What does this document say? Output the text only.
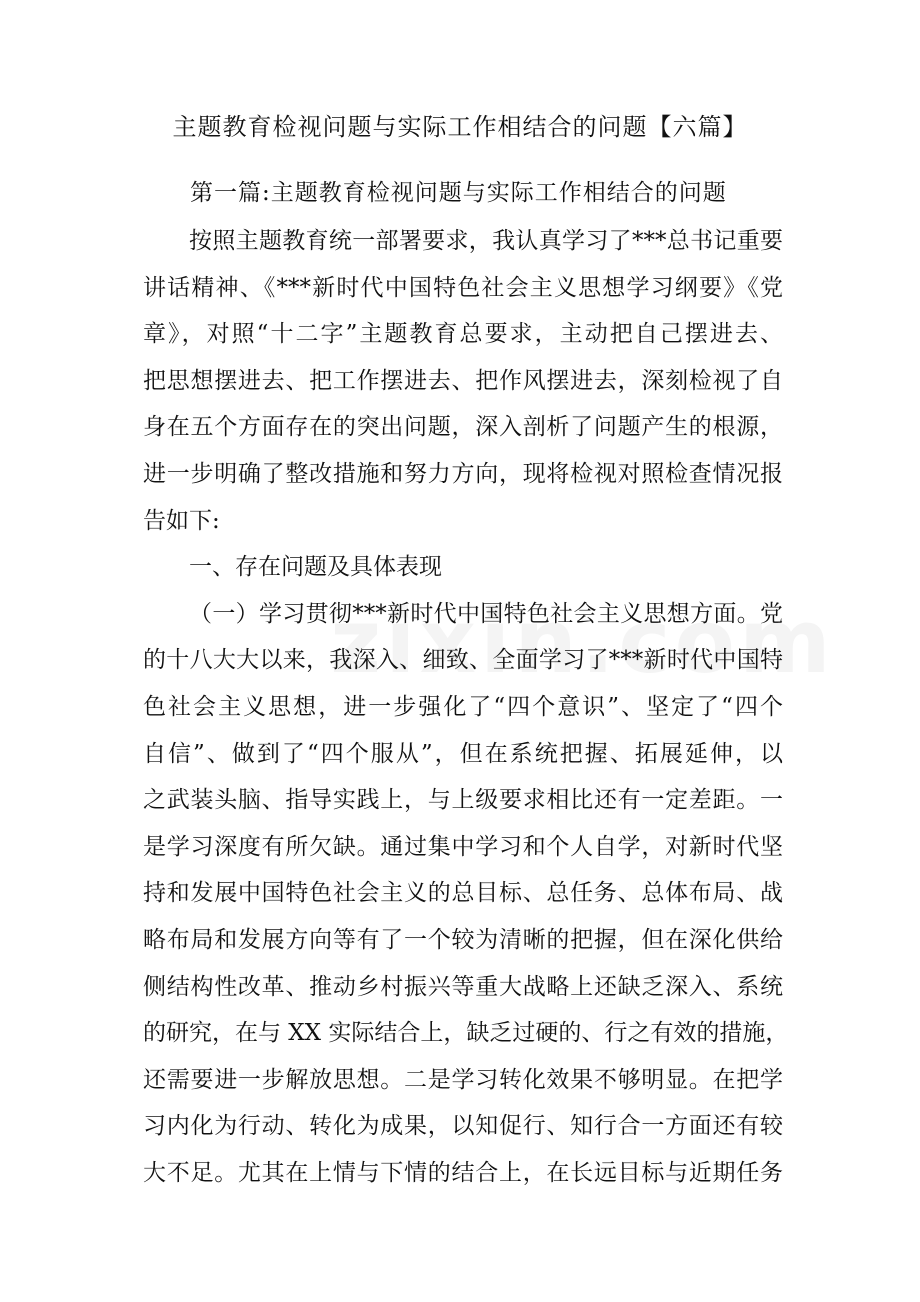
主题教育检视问题与实际工作相结合的问题【六篇】
第一篇:主题教育检视问题与实际工作相结合的问题
按照主题教育统一部署要求，我认真学习了***总书记重要
讲话精神、《***新时代中国特色社会主义思想学习纲要》《党
章》，对照“十二字”主题教育总要求，主动把自己摆进去、
把思想摆进去、把工作摆进去、把作风摆进去，深刻检视了自
身在五个方面存在的突出问题，深入剖析了问题产生的根源，
进一步明确了整改措施和努力方向，现将检视对照检查情况报
告如下:
一、存在问题及具体表现
（一）学习贯彻***新时代中国特色社会主义思想方面。党
的十八大大以来，我深入、细致、全面学习了***新时代中国特
色社会主义思想，进一步强化了“四个意识”、坚定了“四个
自信”、做到了“四个服从”，但在系统把握、拓展延伸，以
之武装头脑、指导实践上，与上级要求相比还有一定差距。一
是学习深度有所欠缺。通过集中学习和个人自学，对新时代坚
持和发展中国特色社会主义的总目标、总任务、总体布局、战
略布局和发展方向等有了一个较为清晰的把握，但在深化供给
侧结构性改革、推动乡村振兴等重大战略上还缺乏深入、系统
的研究，在与 XX 实际结合上，缺乏过硬的、行之有效的措施，
还需要进一步解放思想。二是学习转化效果不够明显。在把学
习内化为行动、转化为成果，以知促行、知行合一方面还有较
大不足。尤其在上情与下情的结合上，在长远目标与近期任务
